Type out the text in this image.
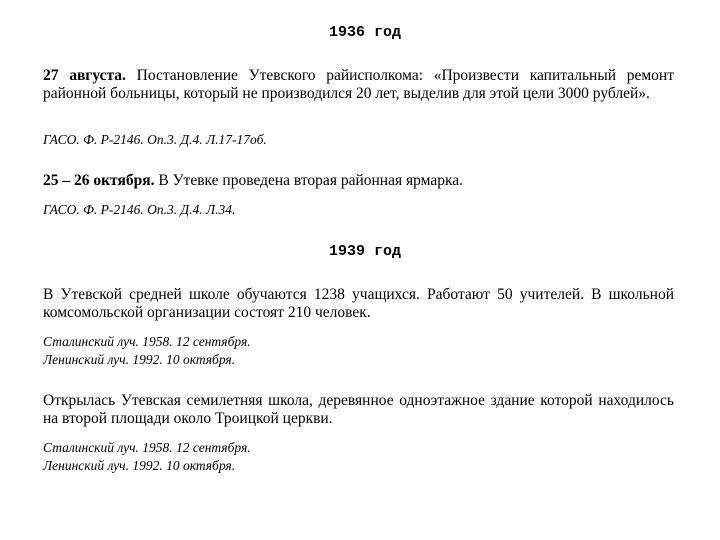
1936 год

27 августа. Постановление Утевского райисполкома: «Произвести капитальный ремонт районной больницы, который не производился 20 лет, выделив для этой цели 3000 рублей».

ГАСО. Ф. Р-2146. Оп.3. Д.4. Л.17-17об.

25 – 26 октября. В Утевке проведена вторая районная ярмарка.

ГАСО. Ф. Р-2146. Оп.3. Д.4. Л.34.

1939 год

В Утевской средней школе обучаются 1238 учащихся. Работают 50 учителей. В школьной комсомольской организации состоят 210 человек.

Сталинский луч. 1958. 12 сентября.
Ленинский луч. 1992. 10 октября.

Открылась Утевская семилетняя школа, деревянное одноэтажное здание которой находилось на второй площади около Троицкой церкви.

Сталинский луч. 1958. 12 сентября.
Ленинский луч. 1992. 10 октября.
